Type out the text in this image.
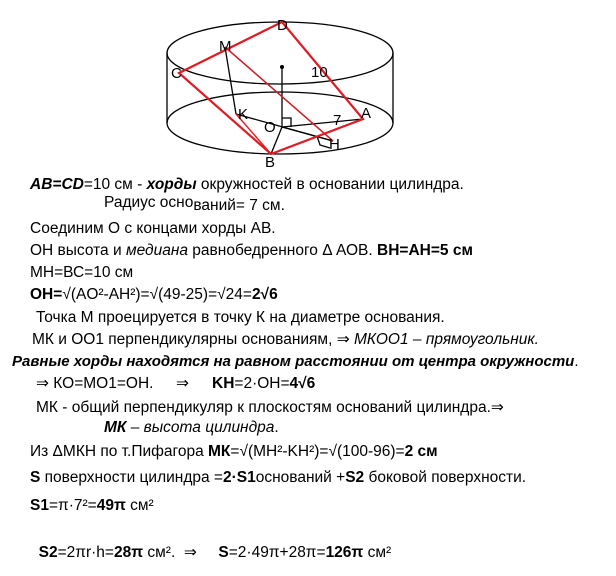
D
M
C	10
K
O	7 A
H
B
AB=CD=10 см - хорды окружностей в основании цилиндра.
Радиус оснований= 7 см.
Соединим О с концами хорды АВ.
ОН высота и медиана равнобедренного Δ АОВ. ВН=АН=5 см
МН=ВС=10 см
OH=√(AO²-AH²)=√(49-25)=√24=2√6
Точка М проецируется в точку К на диаметре основания.
МК и ОО1 перпендикулярны основаниям, ⇒ МКОО1 – прямоугольник.
Равные хорды находятся на равном расстоянии от центра окружности.
⇒ КО=МО1=ОН. ⇒ KH=2·OH=4√6
МК - общий перпендикуляр к плоскостям оснований цилиндра.⇒
МК – высота цилиндра.
Из ΔМКН по т.Пифагора МК=√(MH²-KH²)=√(100-96)=2 см
S поверхности цилиндра =2·S1оснований +S2 боковой поверхности.
S1=π·7²=49π см²

S2=2πr·h=28π см².  ⇒     S=2·49π+28π=126π см²
